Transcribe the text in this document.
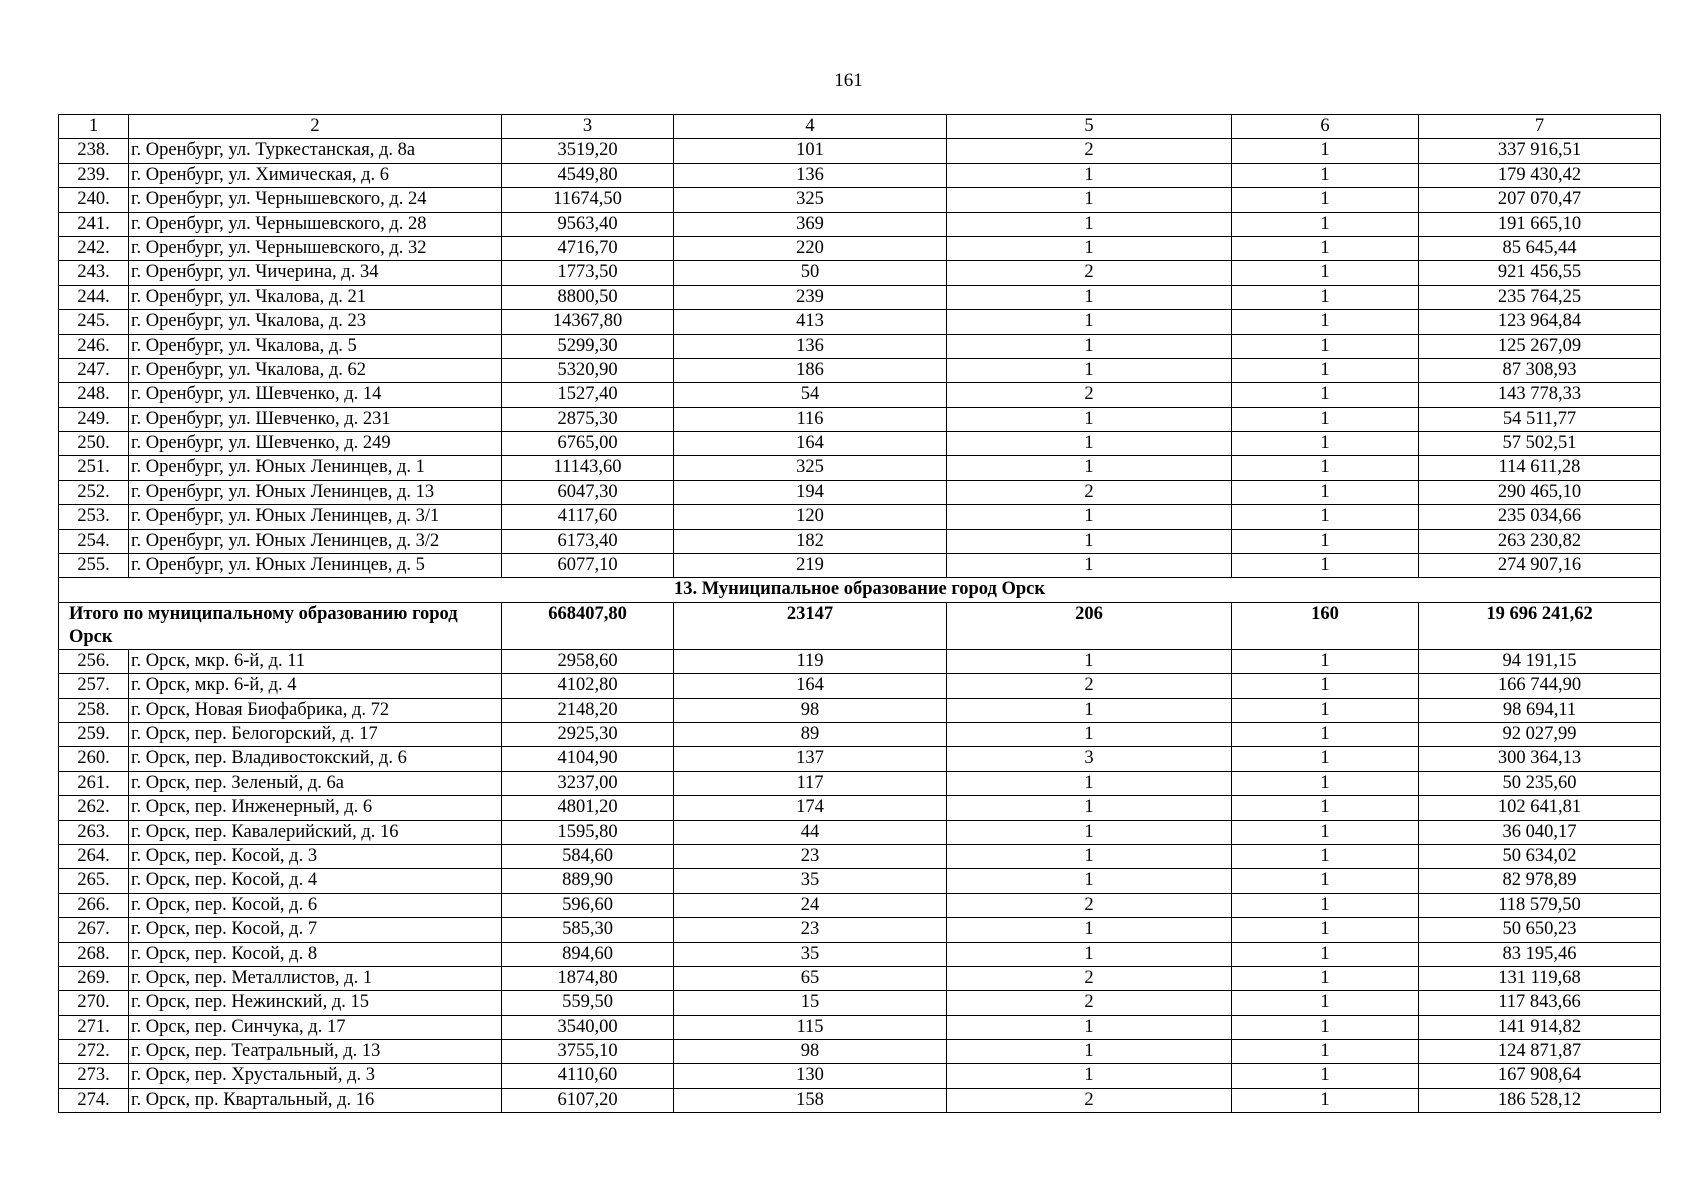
161
1	2	3	4	5	6	7
238.	г. Оренбург, ул. Туркестанская, д. 8а	3519,20	101	2	1	337 916,51
239.	г. Оренбург, ул. Химическая, д. 6	4549,80	136	1	1	179 430,42
240.	г. Оренбург, ул. Чернышевского, д. 24	11674,50	325	1	1	207 070,47
241.	г. Оренбург, ул. Чернышевского, д. 28	9563,40	369	1	1	191 665,10
242.	г. Оренбург, ул. Чернышевского, д. 32	4716,70	220	1	1	85 645,44
243.	г. Оренбург, ул. Чичерина, д. 34	1773,50	50	2	1	921 456,55
244.	г. Оренбург, ул. Чкалова, д. 21	8800,50	239	1	1	235 764,25
245.	г. Оренбург, ул. Чкалова, д. 23	14367,80	413	1	1	123 964,84
246.	г. Оренбург, ул. Чкалова, д. 5	5299,30	136	1	1	125 267,09
247.	г. Оренбург, ул. Чкалова, д. 62	5320,90	186	1	1	87 308,93
248.	г. Оренбург, ул. Шевченко, д. 14	1527,40	54	2	1	143 778,33
249.	г. Оренбург, ул. Шевченко, д. 231	2875,30	116	1	1	54 511,77
250.	г. Оренбург, ул. Шевченко, д. 249	6765,00	164	1	1	57 502,51
251.	г. Оренбург, ул. Юных Ленинцев, д. 1	11143,60	325	1	1	114 611,28
252.	г. Оренбург, ул. Юных Ленинцев, д. 13	6047,30	194	2	1	290 465,10
253.	г. Оренбург, ул. Юных Ленинцев, д. 3/1	4117,60	120	1	1	235 034,66
254.	г. Оренбург, ул. Юных Ленинцев, д. 3/2	6173,40	182	1	1	263 230,82
255.	г. Оренбург, ул. Юных Ленинцев, д. 5	6077,10	219	1	1	274 907,16
13. Муниципальное образование город Орск						
Итого по муниципальному образованию город Орск		668407,80	23147	206	160	19 696 241,62
256.	г. Орск, мкр. 6-й, д. 11	2958,60	119	1	1	94 191,15
257.	г. Орск, мкр. 6-й, д. 4	4102,80	164	2	1	166 744,90
258.	г. Орск, Новая Биофабрика, д. 72	2148,20	98	1	1	98 694,11
259.	г. Орск, пер. Белогорский, д. 17	2925,30	89	1	1	92 027,99
260.	г. Орск, пер. Владивостокский, д. 6	4104,90	137	3	1	300 364,13
261.	г. Орск, пер. Зеленый, д. 6а	3237,00	117	1	1	50 235,60
262.	г. Орск, пер. Инженерный, д. 6	4801,20	174	1	1	102 641,81
263.	г. Орск, пер. Кавалерийский, д. 16	1595,80	44	1	1	36 040,17
264.	г. Орск, пер. Косой, д. 3	584,60	23	1	1	50 634,02
265.	г. Орск, пер. Косой, д. 4	889,90	35	1	1	82 978,89
266.	г. Орск, пер. Косой, д. 6	596,60	24	2	1	118 579,50
267.	г. Орск, пер. Косой, д. 7	585,30	23	1	1	50 650,23
268.	г. Орск, пер. Косой, д. 8	894,60	35	1	1	83 195,46
269.	г. Орск, пер. Металлистов, д. 1	1874,80	65	2	1	131 119,68
270.	г. Орск, пер. Нежинский, д. 15	559,50	15	2	1	117 843,66
271.	г. Орск, пер. Синчука, д. 17	3540,00	115	1	1	141 914,82
272.	г. Орск, пер. Театральный, д. 13	3755,10	98	1	1	124 871,87
273.	г. Орск, пер. Хрустальный, д. 3	4110,60	130	1	1	167 908,64
274.	г. Орск, пр. Квартальный, д. 16	6107,20	158	2	1	186 528,12
